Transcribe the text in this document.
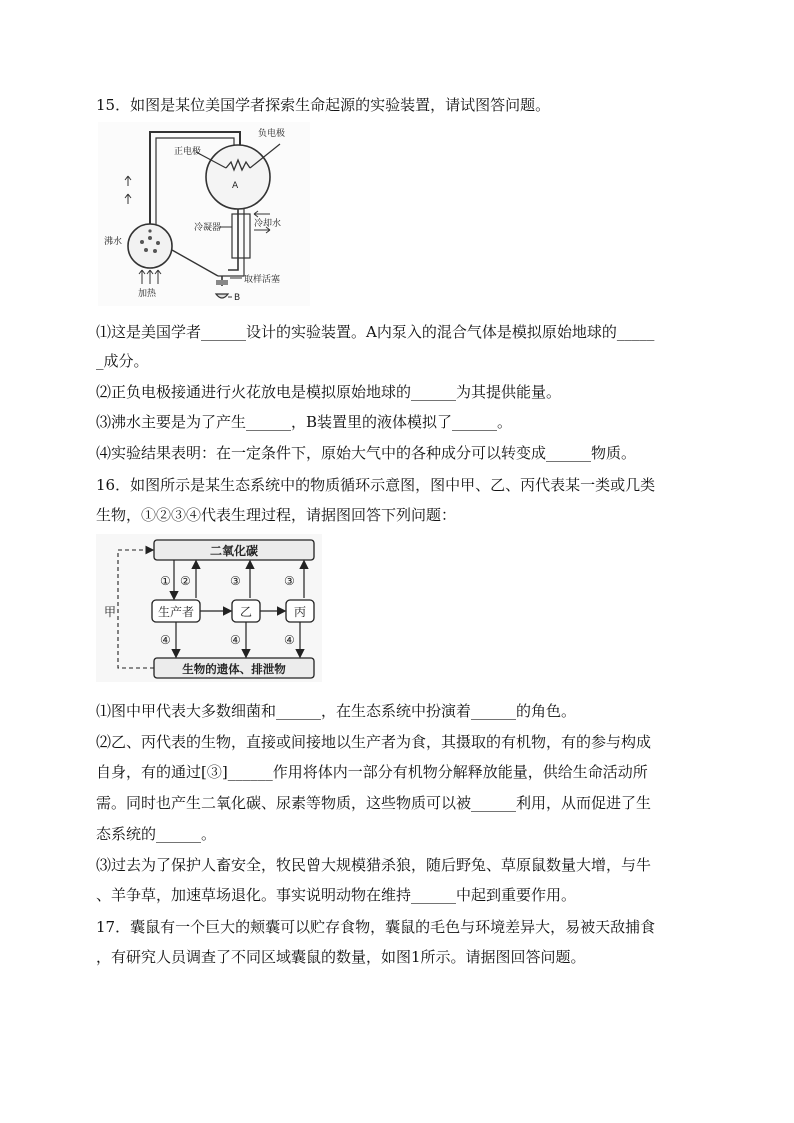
15．如图是某位美国学者探索生命起源的实验装置，请试图答问题。
A
正电极
负电极
冷凝器	冷却水
沸水
加热
取样活塞
B
⑴这是美国学者______设计的实验装置。A内泵入的混合气体是模拟原始地球的_____
_成分。
⑵正负电极接通进行火花放电是模拟原始地球的______为其提供能量。
⑶沸水主要是为了产生______，B装置里的液体模拟了______。
⑷实验结果表明：在一定条件下，原始大气中的各种成分可以转变成______物质。
16．如图所示是某生态系统中的物质循环示意图，图中甲、乙、丙代表某一类或几类
生物，①②③④代表生理过程，请据图回答下列问题：
二氧化碳
生产者	乙	丙
生物的遗体、排泄物
甲
① ②	③	③
④	④	④
⑴图中甲代表大多数细菌和______，在生态系统中扮演着______的角色。
⑵乙、丙代表的生物，直接或间接地以生产者为食，其摄取的有机物，有的参与构成
自身，有的通过[③]______作用将体内一部分有机物分解释放能量，供给生命活动所
需。同时也产生二氧化碳、尿素等物质，这些物质可以被______利用，从而促进了生
态系统的______。
⑶过去为了保护人畜安全，牧民曾大规模猎杀狼，随后野兔、草原鼠数量大增，与牛
、羊争草，加速草场退化。事实说明动物在维持______中起到重要作用。
17．囊鼠有一个巨大的颊囊可以贮存食物，囊鼠的毛色与环境差异大，易被天敌捕食
，有研究人员调查了不同区域囊鼠的数量，如图1所示。请据图回答问题。
